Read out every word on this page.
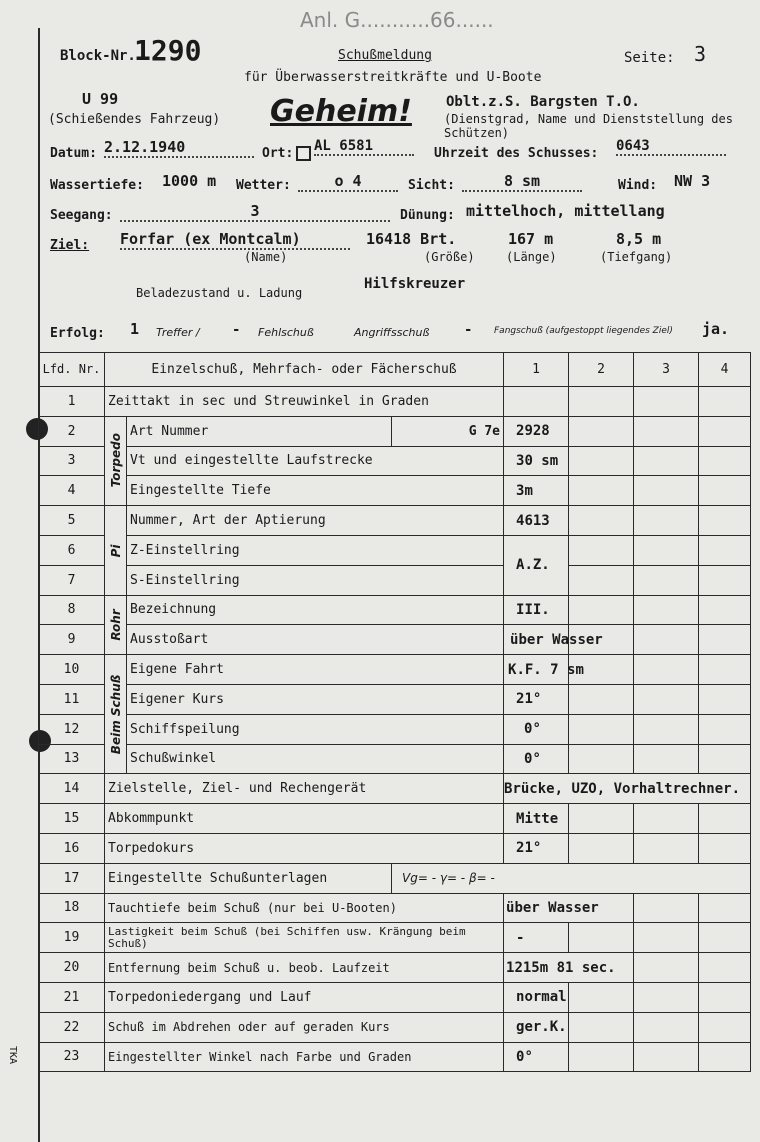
Anl. G...........66......
Block-Nr.
1290	Schußmeldung
für Überwasserstreitkräfte und U-Boote
Seite: 3
U 99
(Schießendes Fahrzeug) Geheim! Oblt.z.S. Bargsten T.O.
(Dienstgrad, Name und Dienststellung des Schützen)
Datum: 2.12.1940	Ort: AL 6581	Uhrzeit des Schusses: 0643
Wassertiefe: 1000 m Wetter:	o 4	Sicht:	8 sm	Wind: NW 3
Seegang:	3	Dünung: mittelhoch, mittellang
Ziel: Forfar (ex Montcalm)	16418 Brt.	167 m	8,5 m
(Name)	(Größe)	(Länge)	(Tiefgang)
Beladezustand u. Ladung
Hilfskreuzer
Erfolg: 1 Treffer / - Fehlschuß	Angriffsschuß - Fangschuß (aufgestoppt liegendes Ziel) ja.
Lfd. Nr.	Einzelschuß, Mehrfach- oder Fächerschuß			1	2	3	4
1	Zeittakt in sec und Streuwinkel in Graden						
2	Torpedo	Art Nummer	G 7e	2928			
3		Vt und eingestellte Laufstrecke		30 sm			
4		Eingestellte Tiefe		3m			
5	Pi	Nummer, Art der Aptierung		4613			
6		Z-Einstellring		A.Z.			
7		S-Einstellring					
8	Rohr	Bezeichnung		III.			
9		Ausstoßart		über Wasser			
10	Beim Schuß	Eigene Fahrt		K.F. 7 sm			
11		Eigener Kurs		21°			
12		Schiffspeilung		0°			
13		Schußwinkel		0°			
14	Zielstelle, Ziel- und Rechengerät			Brücke, UZO, Vorhaltrechner.			
15	Abkommpunkt			Mitte			
16	Torpedokurs			21°			
17	Eingestellte Schußunterlagen		Vg= - γ= - β= -				
18	Tauchtiefe beim Schuß (nur bei U-Booten)			über Wasser			
19	Lastigkeit beim Schuß (bei Schiffen usw. Krängung beim Schuß)			-			
20	Entfernung beim Schuß u. beob. Laufzeit			1215m 81 sec.			
21	Torpedoniedergang und Lauf			normal			
22	Schuß im Abdrehen oder auf geraden Kurs			ger.K.			
23	Eingestellter Winkel nach Farbe und Graden			0°			
TKA
